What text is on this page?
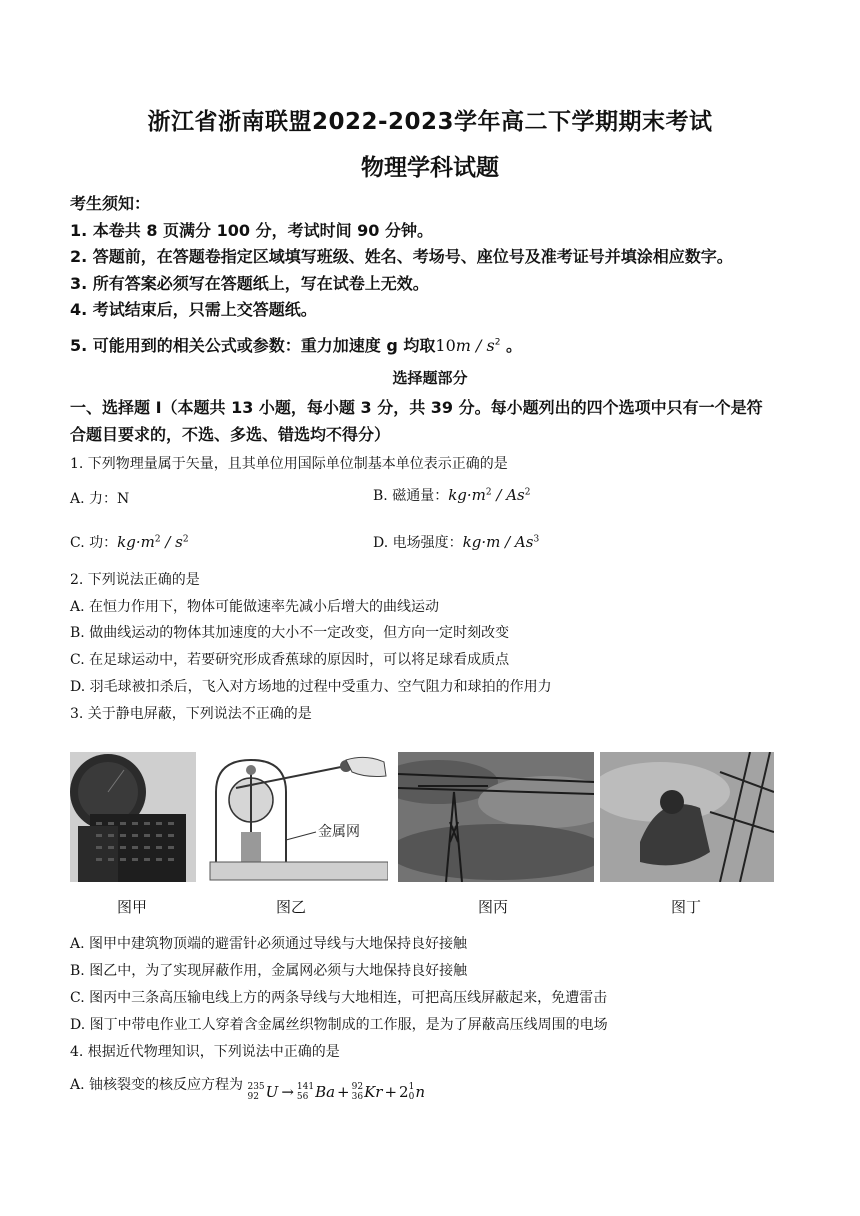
浙江省浙南联盟2022-2023学年高二下学期期末考试
物理学科试题
考生须知：
1. 本卷共 8 页满分 100 分，考试时间 90 分钟。
2. 答题前，在答题卷指定区域填写班级、姓名、考场号、座位号及准考证号并填涂相应数字。
3. 所有答案必须写在答题纸上，写在试卷上无效。
4. 考试结束后，只需上交答题纸。
5. 可能用到的相关公式或参数：重力加速度 g 均取$10m / s^2$ 。
选择题部分
一、选择题 I（本题共 13 小题，每小题 3 分，共 39 分。每小题列出的四个选项中只有一个是符
合题目要求的，不选、多选、错选均不得分）
1. 下列物理量属于矢量，且其单位用国际单位制基本单位表示正确的是
A. 力：N	B. 磁通量：$kg\cdot m^2 / As^2$
C. 功：$kg\cdot m^2 / s^2$	D. 电场强度：kg·m / As$^3$
2. 下列说法正确的是
A. 在恒力作用下，物体可能做速率先减小后增大的曲线运动
B. 做曲线运动的物体其加速度的大小不一定改变，但方向一定时刻改变
C. 在足球运动中，若要研究形成香蕉球的原因时，可以将足球看成质点
D. 羽毛球被扣杀后，飞入对方场地的过程中受重力、空气阻力和球拍的作用力
3. 关于静电屏蔽，下列说法不正确的是
金属网
图甲	图乙	图丙	图丁
A. 图甲中建筑物顶端的避雷针必须通过导线与大地保持良好接触
B. 图乙中，为了实现屏蔽作用，金属网必须与大地保持良好接触
C. 图丙中三条高压输电线上方的两条导线与大地相连，可把高压线屏蔽起来，免遭雷击
D. 图丁中带电作业工人穿着含金属丝织物制成的工作服，是为了屏蔽高压线周围的电场
4. 根据近代物理知识，下列说法中正确的是
A. 铀核裂变的核反应方程为 235
92 U → 141
56 Ba + 92
36 Kr + 2 1
0 n
